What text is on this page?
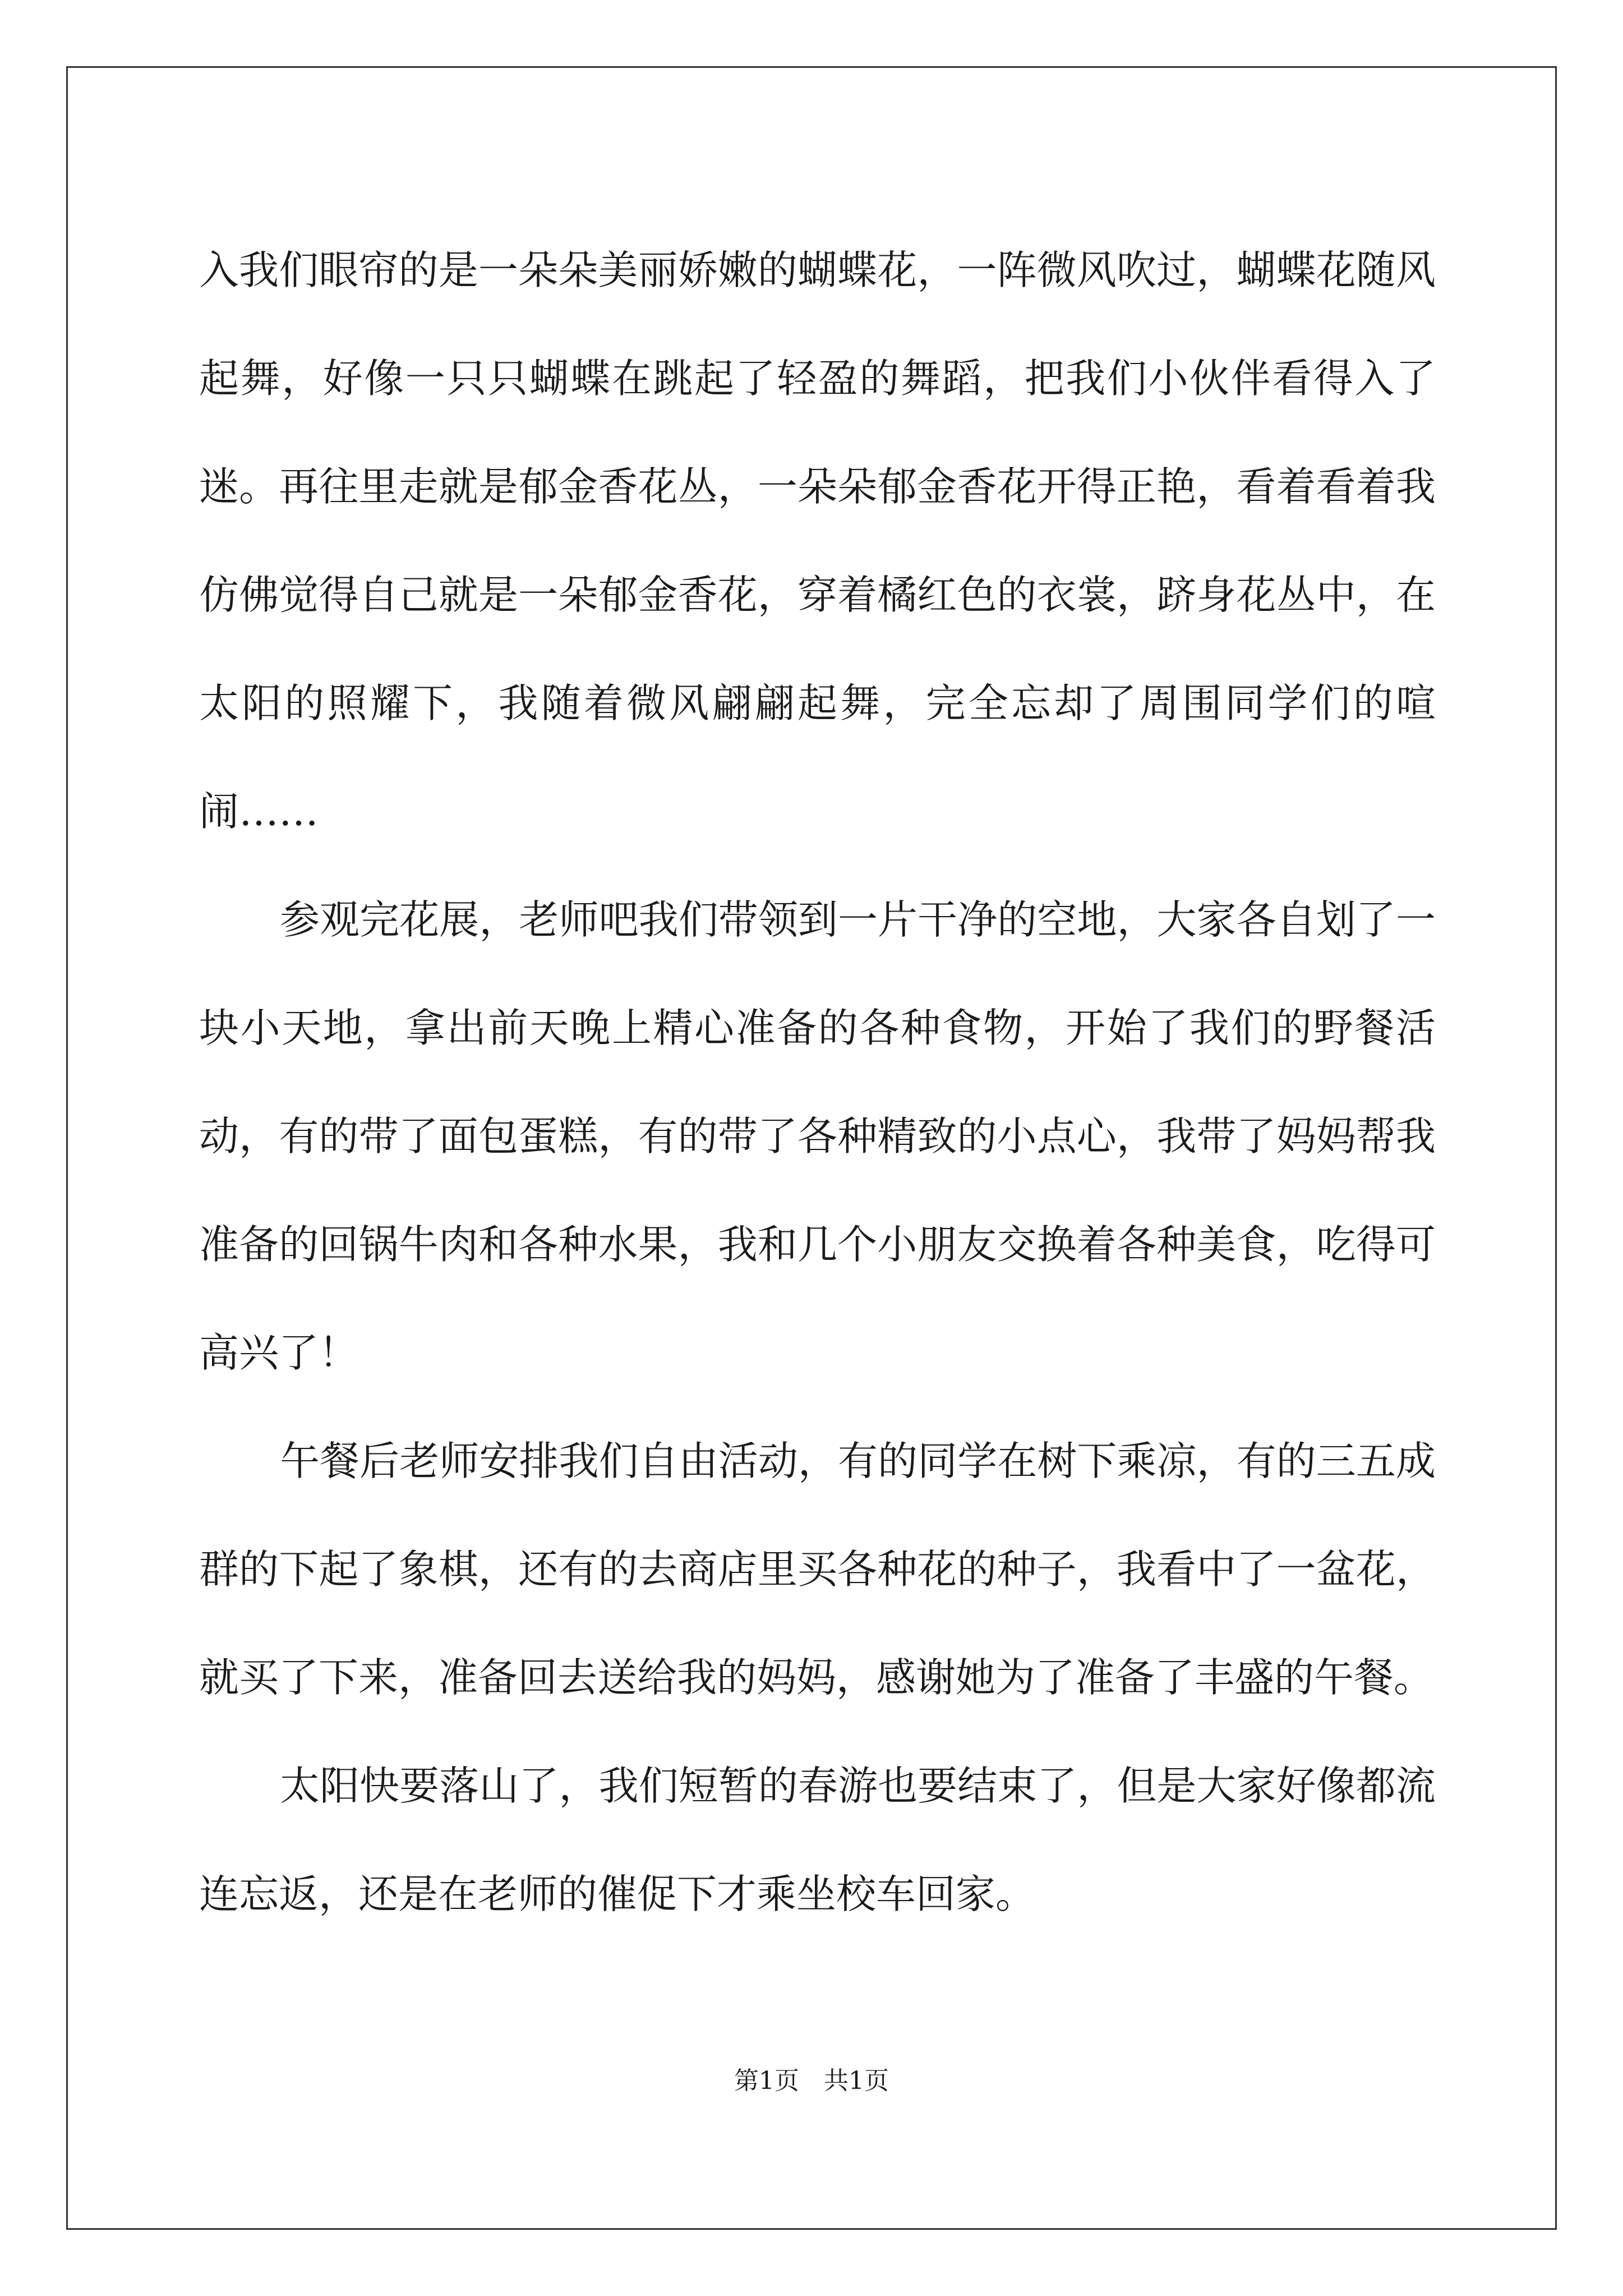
入我们眼帘的是一朵朵美丽娇嫩的蝴蝶花，一阵微风吹过，蝴蝶花随风起舞，好像一只只蝴蝶在跳起了轻盈的舞蹈，把我们小伙伴看得入了迷。再往里走就是郁金香花丛，一朵朵郁金香花开得正艳，看着看着我仿佛觉得自己就是一朵郁金香花，穿着橘红色的衣裳，跻身花丛中，在太阳的照耀下，我随着微风翩翩起舞，完全忘却了周围同学们的喧闹……

参观完花展，老师吧我们带领到一片干净的空地，大家各自划了一块小天地，拿出前天晚上精心准备的各种食物，开始了我们的野餐活动，有的带了面包蛋糕，有的带了各种精致的小点心，我带了妈妈帮我准备的回锅牛肉和各种水果，我和几个小朋友交换着各种美食，吃得可高兴了！

午餐后老师安排我们自由活动，有的同学在树下乘凉，有的三五成群的下起了象棋，还有的去商店里买各种花的种子，我看中了一盆花，就买了下来，准备回去送给我的妈妈，感谢她为了准备了丰盛的午餐。

太阳快要落山了，我们短暂的春游也要结束了，但是大家好像都流连忘返，还是在老师的催促下才乘坐校车回家。

第1页 共1页
